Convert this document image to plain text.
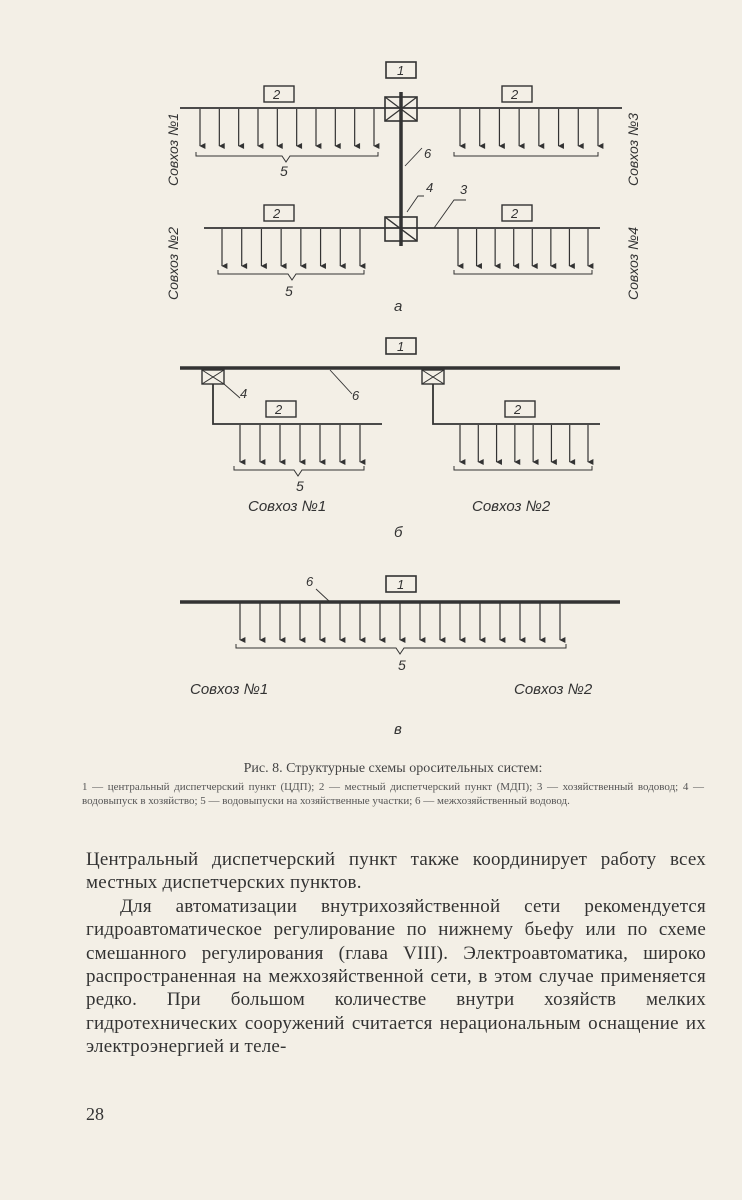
2	2
2	2
1
5
5
6
4 3
а
Совхоз №1
Совхоз №2
Совхоз №3
Совхоз №4
1
2	2
4	6
5
Совхоз №1	Совхоз №2
б
1
6
5
Совхоз №1	Совхоз №2
в
Рис. 8. Структурные схемы оросительных систем:
1 — центральный диспетчерский пункт (ЦДП); 2 — местный диспетчерский пункт (МДП); 3 — хозяйственный водовод; 4 — водовыпуск в хозяйство; 5 — водовыпуски на хозяйственные участки; 6 — межхозяйственный водовод.

Центральный диспетчерский пункт также координирует работу всех местных диспетчерских пунктов.

Для автоматизации внутрихозяйственной сети рекомендуется гидроавтоматическое регулирование по нижнему бьефу или по схеме смешанного регулирования (глава VIII). Электроавтоматика, широко распространенная на межхозяйственной сети, в этом случае применяется редко. При большом количестве внутри хозяйств мелких гидротехнических сооружений считается нерациональным оснащение их электроэнергией и теле-

28
